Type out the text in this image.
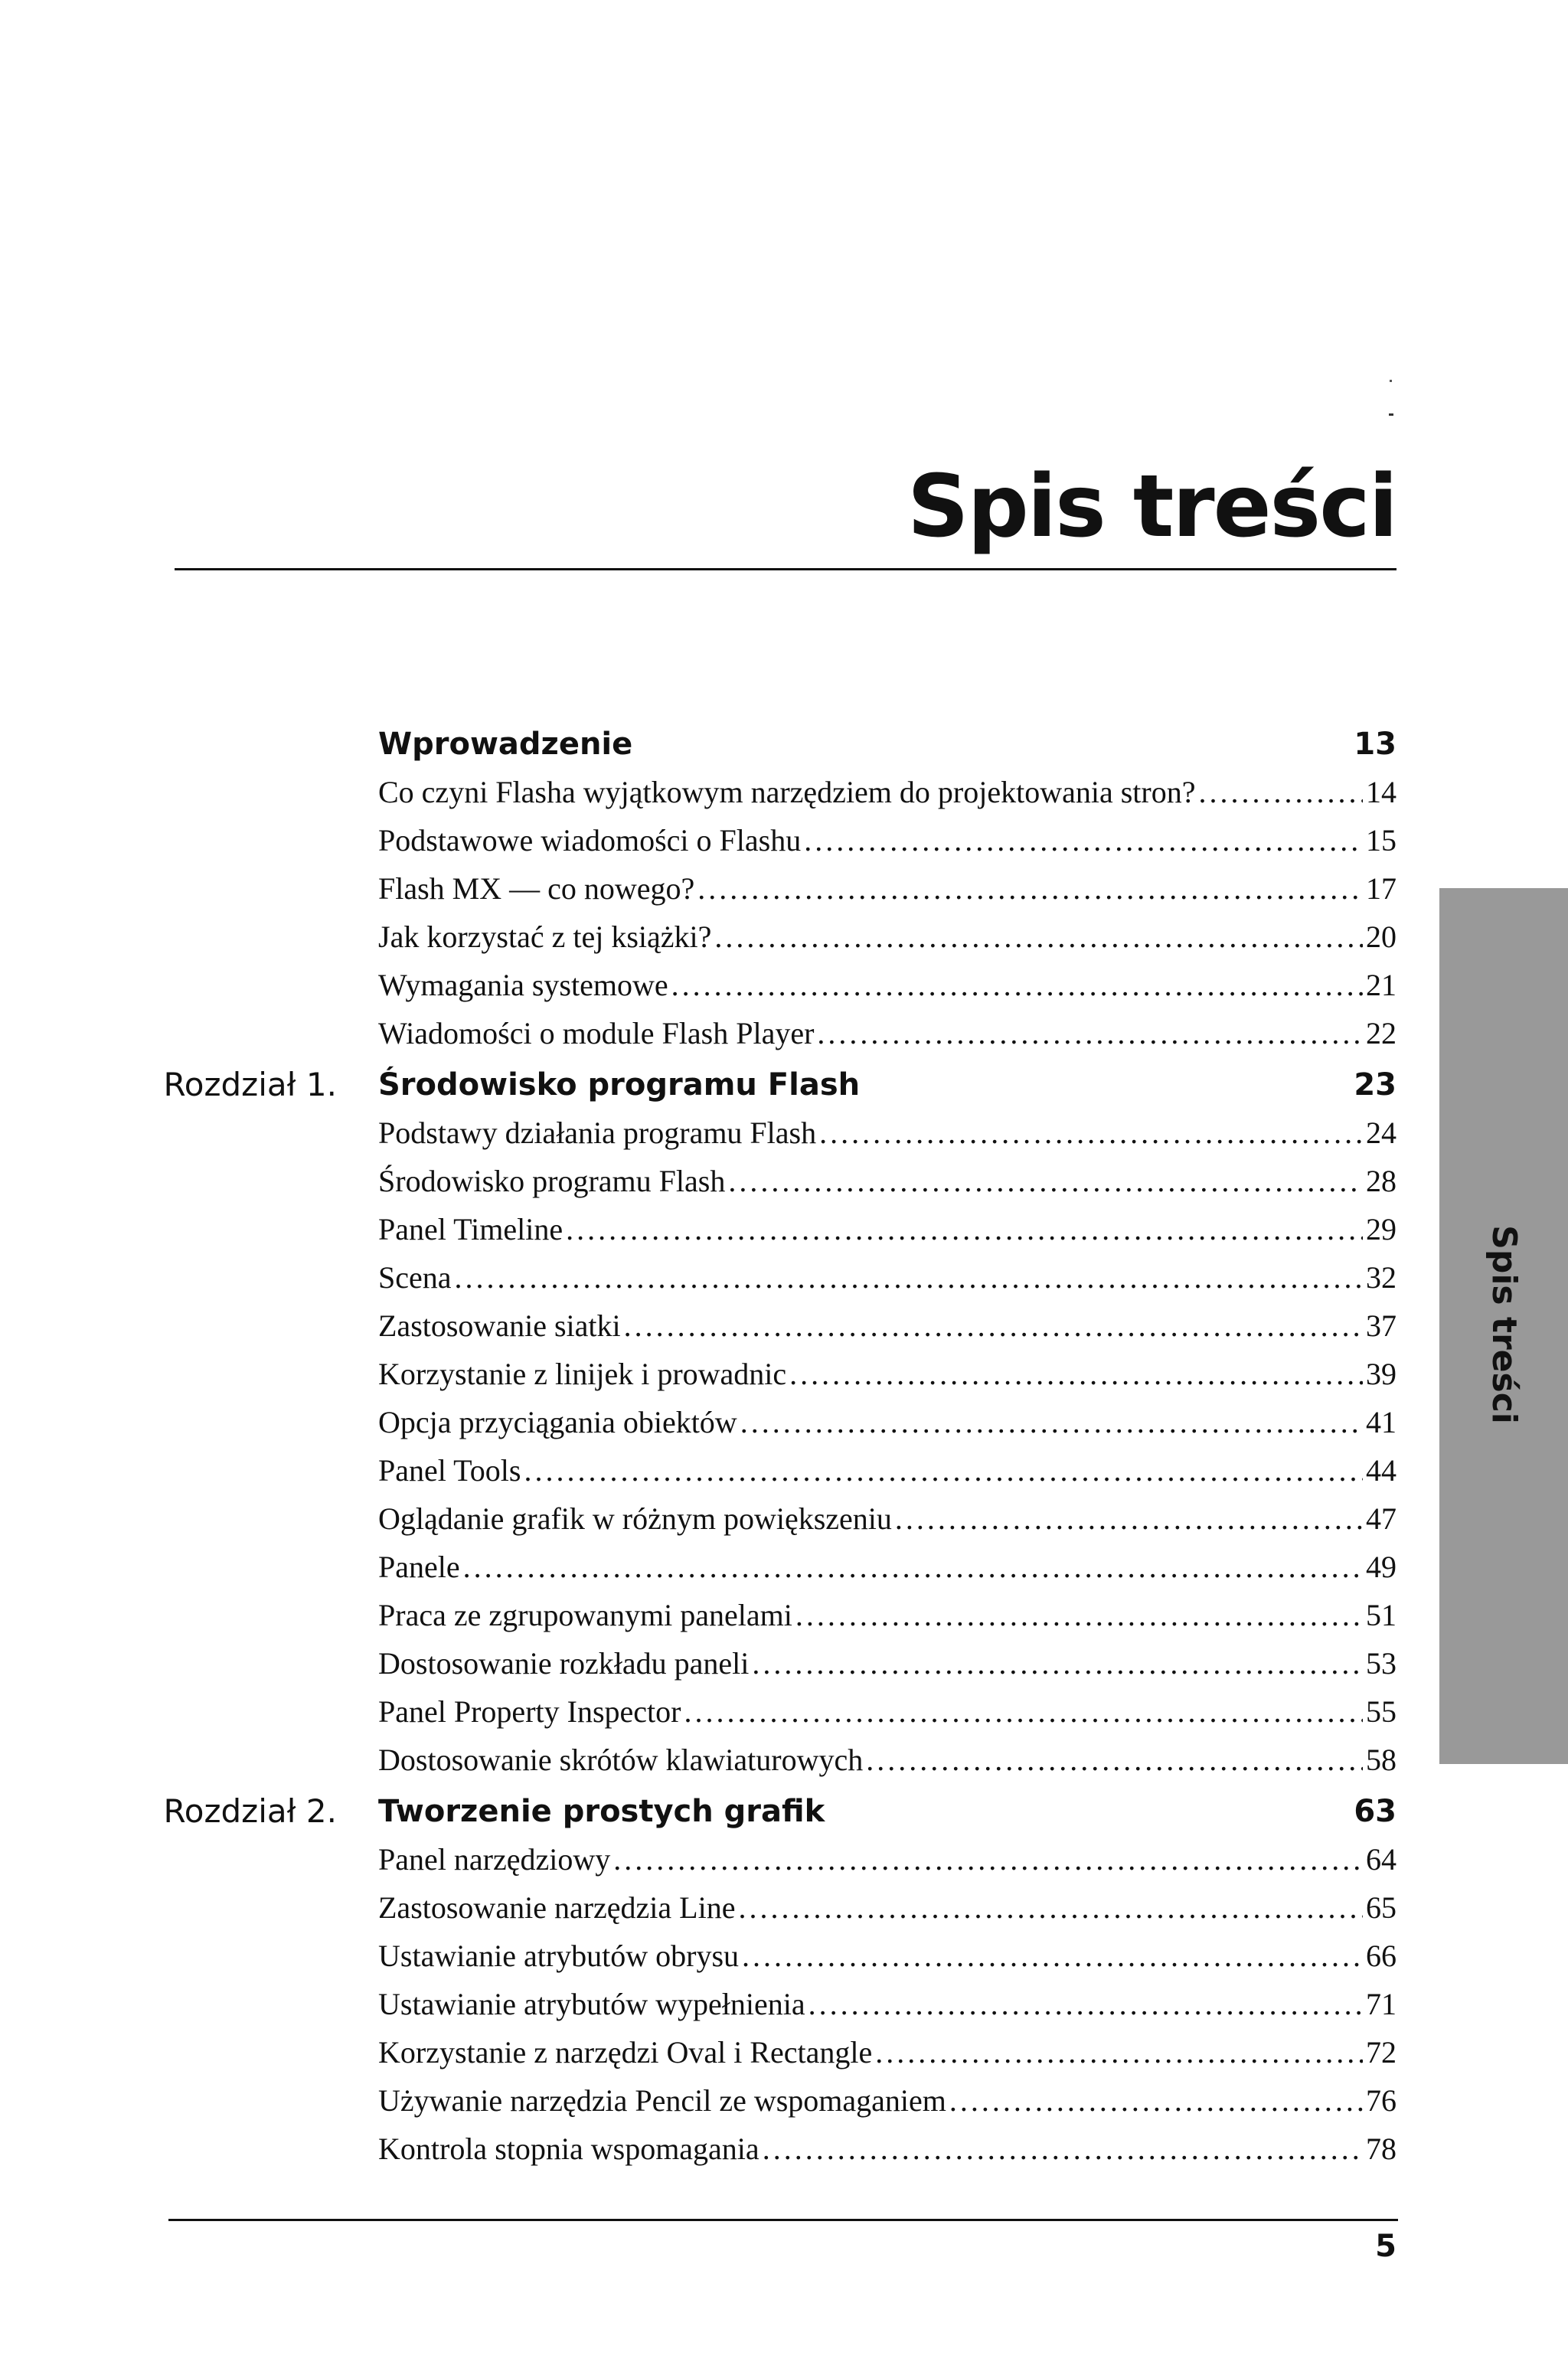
Spis treści
Wprowadzenie	13
Co czyni Flasha wyjątkowym narzędziem do projektowania stron? . . .	14
Podstawowe wiadomości o Flashu . . .	15
Flash MX — co nowego? . . .	17
Jak korzystać z tej książki? . . .	20
Wymagania systemowe . . .	21
Wiadomości o module Flash Player . . .	22
Rozdział 1. Środowisko programu Flash	23
Podstawy działania programu Flash . . .	24
Środowisko programu Flash . . .	28
Panel Timeline . . .	29
Scena . . .	32
Zastosowanie siatki . . .	37
Korzystanie z linijek i prowadnic . . .	39
Opcja przyciągania obiektów . . .	41
Panel Tools . . .	44
Oglądanie grafik w różnym powiększeniu . . .	47
Panele . . .	49
Praca ze zgrupowanymi panelami . . .	51
Dostosowanie rozkładu paneli . . .	53
Panel Property Inspector . . .	55
Dostosowanie skrótów klawiaturowych . . .	58
Rozdział 2. Tworzenie prostych grafik	63
Panel narzędziowy . . .	64
Zastosowanie narzędzia Line . . .	65
Ustawianie atrybutów obrysu . . .	66
Ustawianie atrybutów wypełnienia . . .	71
Korzystanie z narzędzi Oval i Rectangle . . .	72
Używanie narzędzia Pencil ze wspomaganiem . . .	76
Kontrola stopnia wspomagania . . .	78
Spis treści
5
